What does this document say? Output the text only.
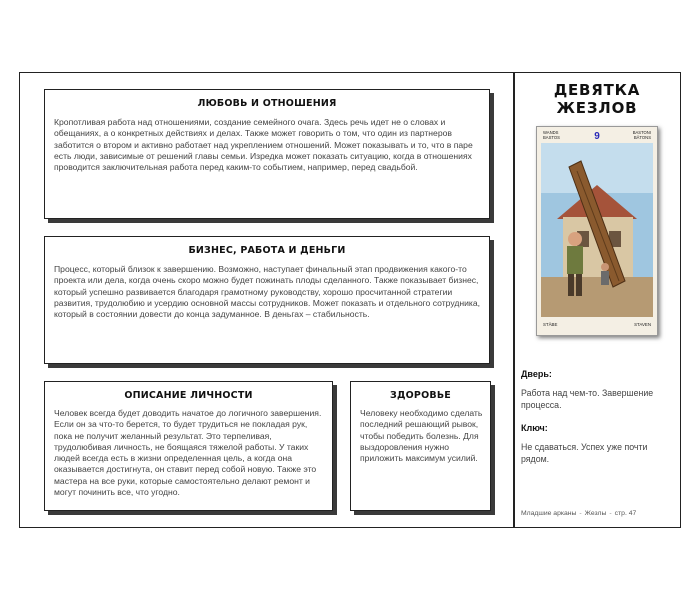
ЛЮБОВЬ И ОТНОШЕНИЯ

Кропотливая работа над отношениями, создание семейного очага. Здесь речь идет не о словах и обещаниях, а о конкретных действиях и делах. Также может говорить о том, что один из партнеров заботится о втором и активно работает над укреплением отношений. Может показывать и то, что в паре есть люди, зависимые от решений главы семьи. Изредка может показать ситуацию, когда в отношениях проводится заключительная работа перед каким-то событием, например, перед свадьбой.

БИЗНЕС, РАБОТА И ДЕНЬГИ

Процесс, который близок к завершению. Возможно, наступает финальный этап продвижения какого-то проекта или дела, когда очень скоро можно будет пожинать плоды сделанного. Также показывает бизнес, который успешно развивается благодаря грамотному руководству, хорошо просчитанной стратегии развития, трудолюбию и усердию основной массы сотрудников. Может показать и отдельного сотрудника, который в состоянии довести до конца задуманное. В деньгах – стабильность.

ОПИСАНИЕ ЛИЧНОСТИ

Человек всегда будет доводить начатое до логичного завершения. Если он за что-то берется, то будет трудиться не покладая рук, пока не получит желанный результат. Это терпеливая, трудолюбивая личность, не боящаяся тяжелой работы. У таких людей всегда есть в жизни определенная цель, а когда она оказывается достигнута, он ставит перед собой новую. Также это мастера на все руки, которые самостоятельно делают ремонт и могут починить все, что угодно.

ЗДОРОВЬЕ

Человеку необходимо сделать последний решающий рывок, чтобы победить болезнь. Для выздоровления нужно приложить максимум усилий.

ДЕВЯТКА
ЖЕЗЛОВ
WANDS
BASTOS	9	BASTONI
BÂTONS
STÄBE	STAVEN
Дверь:
Работа над чем-то. Завершение процесса.
Ключ:
Не сдаваться. Успех уже почти рядом.
Младшие арканы - Жезлы - стр. 47
